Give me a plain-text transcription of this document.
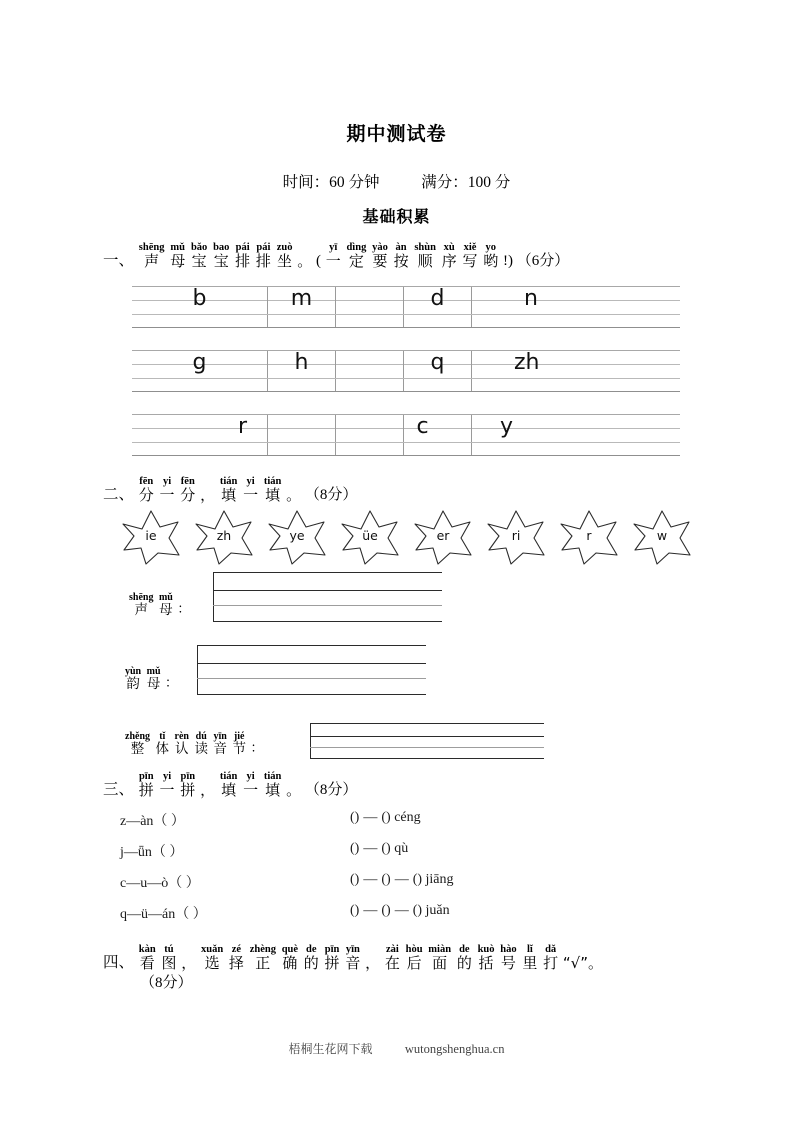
期中测试卷
时间：60 分钟	满分：100 分
基础积累
一、
shēng
声

mǔ
母

bǎo
宝

bao
宝

pái
排

pái
排

zuò
坐 。 (
yī
一

dìng
定

yào
要

àn
按

shùn
顺

xù
序

xiě
写

yo
哟 !) （6分）
b	m	d	n
g	h	q	zh
r	c	y
二、
fēn
分

yi
一

fēn
分 ，
tián
填

yi
一

tián
填 。 （8分）
ie	zh	ye	üe	er	ri	r	w
shēng
声

mǔ
母 ：
yùn
韵

mǔ
母 ：
zhěng
整

tǐ
体

rèn
认

dú
读

yīn
音

jié
节 ：
三、
pīn
拼

yi
一

pīn
拼 ，
tián
填

yi
一

tián
填 。 （8分）
z—àn（ ）	() — () céng
j—ǖn（ ）	() — () qù
c—u—ò（ ）	() — () — () jiāng
q—ü—án（ ）	() — () — () juǎn
四、
kàn
看

tú
图 ，
xuǎn
选

zé
择

zhèng
正

què
确

de
的

pīn
拼

yīn
音 ，
zài
在

hòu
后

miàn
面

de
的

kuò
括

hào
号

lǐ
里

dǎ
打 “√”。
（8分）
梧桐生花网下载	wutongshenghua.cn
